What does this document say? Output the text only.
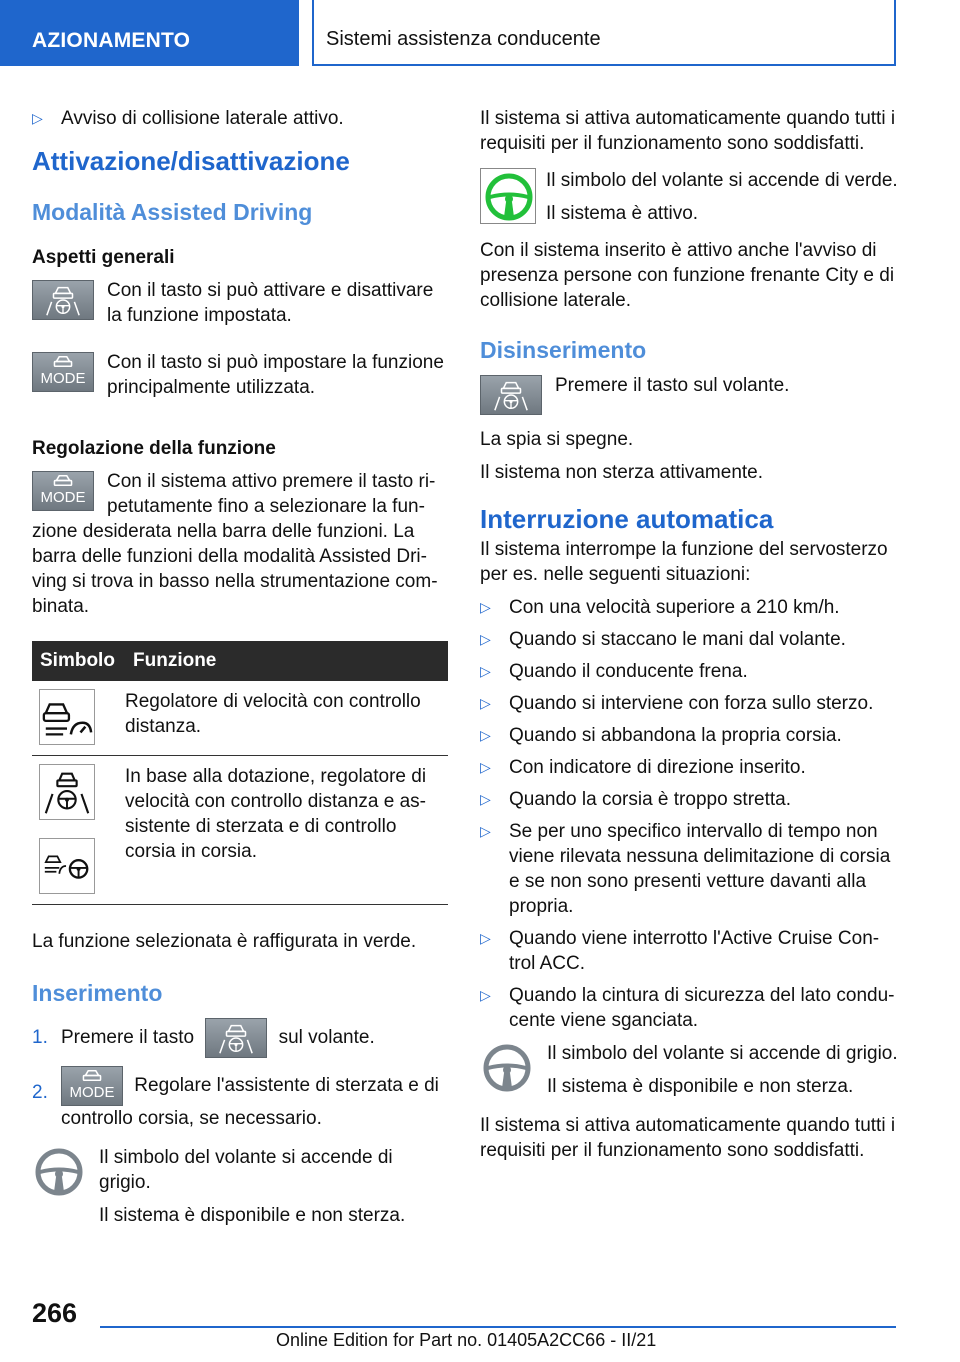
AZIONAMENTO	Sistemi assistenza conducente
▷ Avviso di collisione laterale attivo.
Attivazione/disattivazione
Modalità Assisted Driving
Aspetti generali

Con il tasto si può attivare e disattivare la funzione impostata.

MODE

Con il tasto si può impostare la funzione principalmente utilizzata.

Regolazione della funzione
MODE

Con il sistema attivo premere il tasto ri‐petutamente fino a selezionare la fun‐zione desiderata nella barra delle funzioni. La barra delle funzioni della modalità Assisted Dri‐ving si trova in basso nella strumentazione com‐binata.

Simbolo	Funzione

	Regolatore di velocità con controllo distanza.

	In base alla dotazione, regolatore di velocità con controllo distanza e as‐sistente di sterzata e di controllo corsia in corsia.

La funzione selezionata è raffigurata in verde.

Inserimento
1. Premere il tasto	sul volante.
2.	MODE	Regolare l'assistente di sterzata e di controllo corsia, se necessario.

Il simbolo del volante si accende di grigio.

Il sistema è disponibile e non sterza.

Il sistema si attiva automaticamente quando tutti i requisiti per il funzionamento sono soddisfatti.

Il simbolo del volante si accende di verde.

Il sistema è attivo.

Con il sistema inserito è attivo anche l'avviso di presenza persone con funzione frenante City e di collisione laterale.

Disinserimento

Premere il tasto sul volante.

La spia si spegne.

Il sistema non sterza attivamente.

Interruzione automatica

Il sistema interrompe la funzione del servosterzo per es. nelle seguenti situazioni:

▷ Con una velocità superiore a 210 km/h.
▷ Quando si staccano le mani dal volante.
▷ Quando il conducente frena.
▷ Quando si interviene con forza sullo sterzo.
▷ Quando si abbandona la propria corsia.
▷ Con indicatore di direzione inserito.
▷ Quando la corsia è troppo stretta.
▷ Se per uno specifico intervallo di tempo non viene rilevata nessuna delimitazione di corsia e se non sono presenti vetture davanti alla propria.
▷ Quando viene interrotto l'Active Cruise Con‐trol ACC.
▷ Quando la cintura di sicurezza del lato condu‐cente viene sganciata.

Il simbolo del volante si accende di grigio.

Il sistema è disponibile e non sterza.

Il sistema si attiva automaticamente quando tutti i requisiti per il funzionamento sono soddisfatti.

266
Online Edition for Part no. 01405A2CC66 - II/21
